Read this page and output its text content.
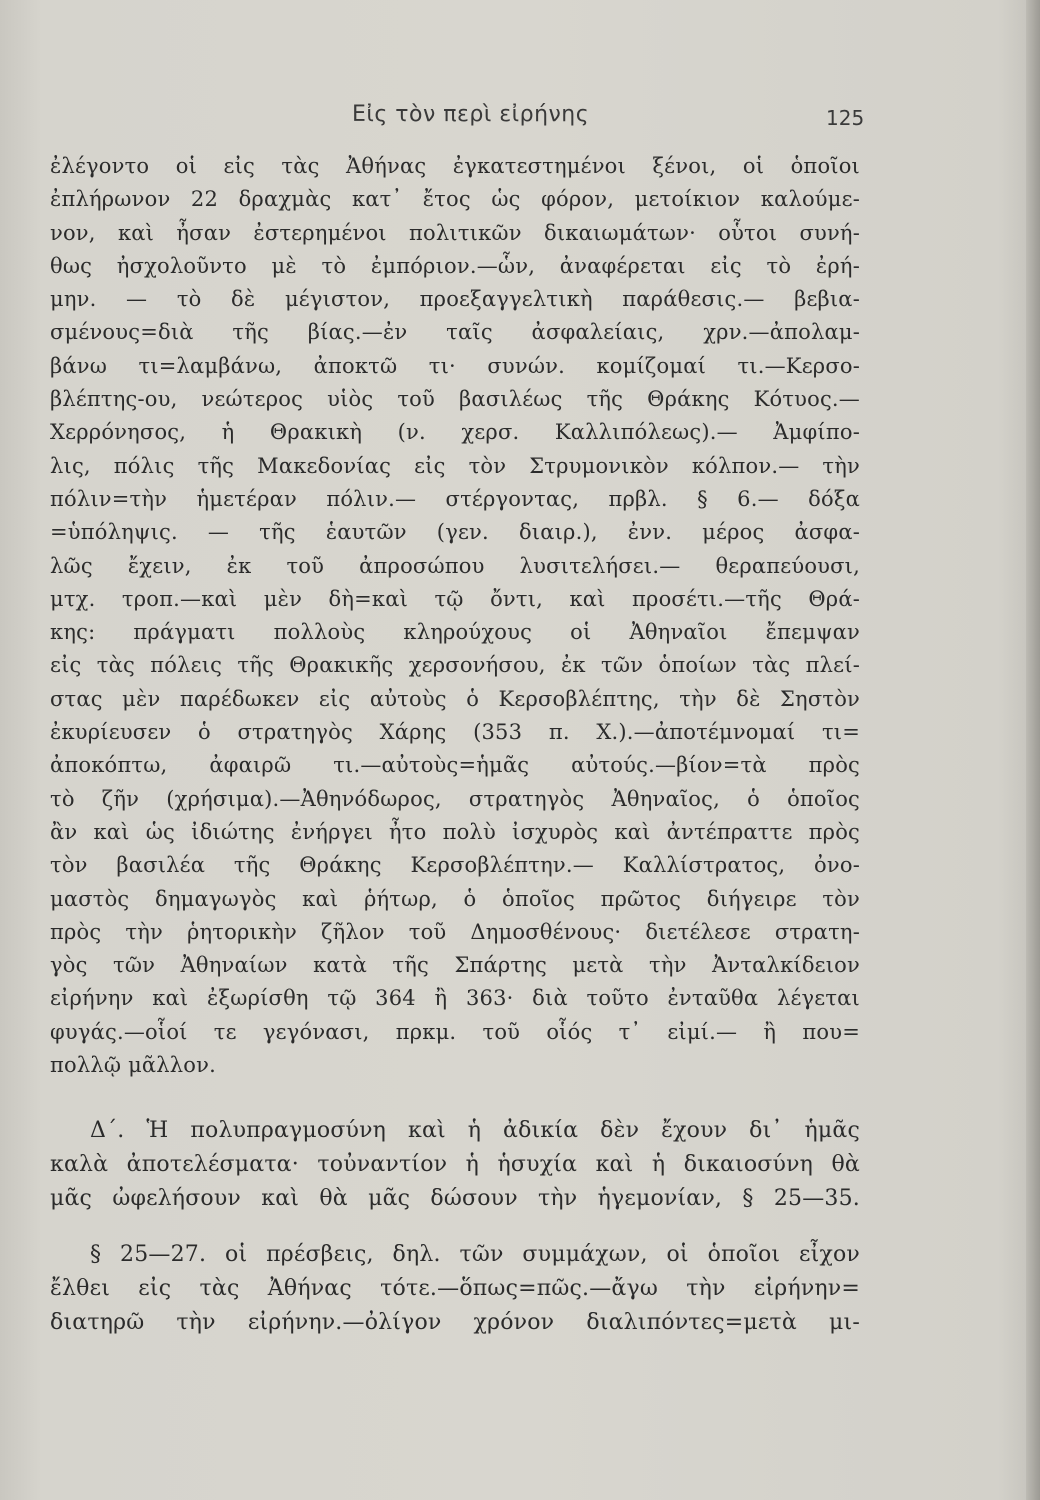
Εἰς τὸν περὶ εἰρήνης	125
ἐλέγοντο οἱ εἰς τὰς Ἀθήνας ἐγκατεστημένοι ξένοι, οἱ ὁποῖοι
ἐπλήρωνον 22 δραχμὰς κατ᾿ ἔτος ὡς φόρον, μετοίκιον καλούμε-
νον, καὶ ἦσαν ἐστερημένοι πολιτικῶν δικαιωμάτων· οὗτοι συνή-
θως ἠσχολοῦντο μὲ τὸ ἐμπόριον.—ὧν, ἀναφέρεται εἰς τὸ ἐρή-
μην. — τὸ δὲ μέγιστον, προεξαγγελτικὴ παράθεσις.— βεβια-
σμένους=διὰ τῆς βίας.—ἐν ταῖς ἀσφαλείαις, χρν.—ἀπολαμ-
βάνω τι=λαμβάνω, ἀποκτῶ τι· συνών. κομίζομαί τι.—Κερσο-
βλέπτης-ου, νεώτερος υἱὸς τοῦ βασιλέως τῆς Θράκης Κότυος.—
Χερρόνησος, ἡ Θρακικὴ (ν. χερσ. Καλλιπόλεως).— Ἀμφίπο-
λις, πόλις τῆς Μακεδονίας εἰς τὸν Στρυμονικὸν κόλπον.— τὴν
πόλιν=τὴν ἡμετέραν πόλιν.— στέργοντας, πρβλ. § 6.— δόξα
=ὑπόληψις. — τῆς ἑαυτῶν (γεν. διαιρ.), ἐνν. μέρος ἀσφα-
λῶς ἔχειν, ἐκ τοῦ ἀπροσώπου λυσιτελήσει.— θεραπεύουσι,
μτχ. τροπ.—καὶ μὲν δὴ=καὶ τῷ ὄντι, καὶ προσέτι.—τῆς Θρά-
κης: πράγματι πολλοὺς κληρούχους οἱ Ἀθηναῖοι ἔπεμψαν
εἰς τὰς πόλεις τῆς Θρακικῆς χερσονήσου, ἐκ τῶν ὁποίων τὰς πλεί-
στας μὲν παρέδωκεν εἰς αὐτοὺς ὁ Κερσοβλέπτης, τὴν δὲ Σηστὸν
ἐκυρίευσεν ὁ στρατηγὸς Χάρης (353 π. Χ.).—ἀποτέμνομαί τι=
ἀποκόπτω, ἀφαιρῶ τι.—αὐτοὺς=ἡμᾶς αὐτούς.—βίον=τὰ πρὸς
τὸ ζῆν (χρήσιμα).—Ἀθηνόδωρος, στρατηγὸς Ἀθηναῖος, ὁ ὁποῖος
ἂν καὶ ὡς ἰδιώτης ἐνήργει ἦτο πολὺ ἰσχυρὸς καὶ ἀντέπραττε πρὸς
τὸν βασιλέα τῆς Θράκης Κερσοβλέπτην.— Καλλίστρατος, ὀνο-
μαστὸς δημαγωγὸς καὶ ῥήτωρ, ὁ ὁποῖος πρῶτος διήγειρε τὸν
πρὸς τὴν ῥητορικὴν ζῆλον τοῦ Δημοσθένους· διετέλεσε στρατη-
γὸς τῶν Ἀθηναίων κατὰ τῆς Σπάρτης μετὰ τὴν Ἀνταλκίδειον
εἰρήνην καὶ ἐξωρίσθη τῷ 364 ἢ 363· διὰ τοῦτο ἐνταῦθα λέγεται
φυγάς.—οἷοί τε γεγόνασι, πρκμ. τοῦ οἷός τ᾿ εἰμί.— ἢ που=
πολλῷ μᾶλλον.
Δ΄. Ἡ πολυπραγμοσύνη καὶ ἡ ἀδικία δὲν ἔχουν δι᾿ ἡμᾶς
καλὰ ἀποτελέσματα· τοὐναντίον ἡ ἡσυχία καὶ ἡ δικαιοσύνη θὰ
μᾶς ὠφελήσουν καὶ θὰ μᾶς δώσουν τὴν ἡγεμονίαν, § 25—35.
§ 25—27. οἱ πρέσβεις, δηλ. τῶν συμμάχων, οἱ ὁποῖοι εἶχον
ἔλθει εἰς τὰς Ἀθήνας τότε.—ὅπως=πῶς.—ἄγω τὴν εἰρήνην=
διατηρῶ τὴν εἰρήνην.—ὀλίγον χρόνον διαλιπόντες=μετὰ μι-
